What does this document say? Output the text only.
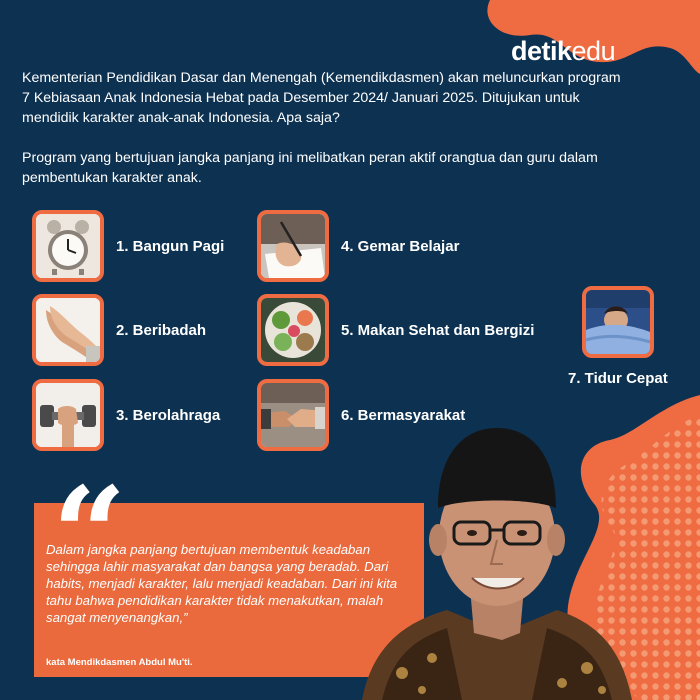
detikedu

Kementerian Pendidikan Dasar dan Menengah (Kemendikdasmen) akan meluncurkan program 7 Kebiasaan Anak Indonesia Hebat pada Desember 2024/ Januari 2025. Ditujukan untuk mendidik karakter anak-anak Indonesia. Apa saja?

Program yang bertujuan jangka panjang ini melibatkan peran aktif orangtua dan guru dalam pembentukan karakter anak.

1. Bangun Pagi
2. Beribadah
3. Berolahraga
4. Gemar Belajar
5. Makan Sehat dan Bergizi
6. Bermasyarakat
7. Tidur Cepat
“

Dalam jangka panjang bertujuan membentuk keadaban sehingga lahir masyarakat dan bangsa yang beradab. Dari habits, menjadi karakter, lalu menjadi keadaban. Dari ini kita tahu bahwa pendidikan karakter tidak menakutkan, malah sangat menyenangkan,”

kata Mendikdasmen Abdul Mu'ti.
